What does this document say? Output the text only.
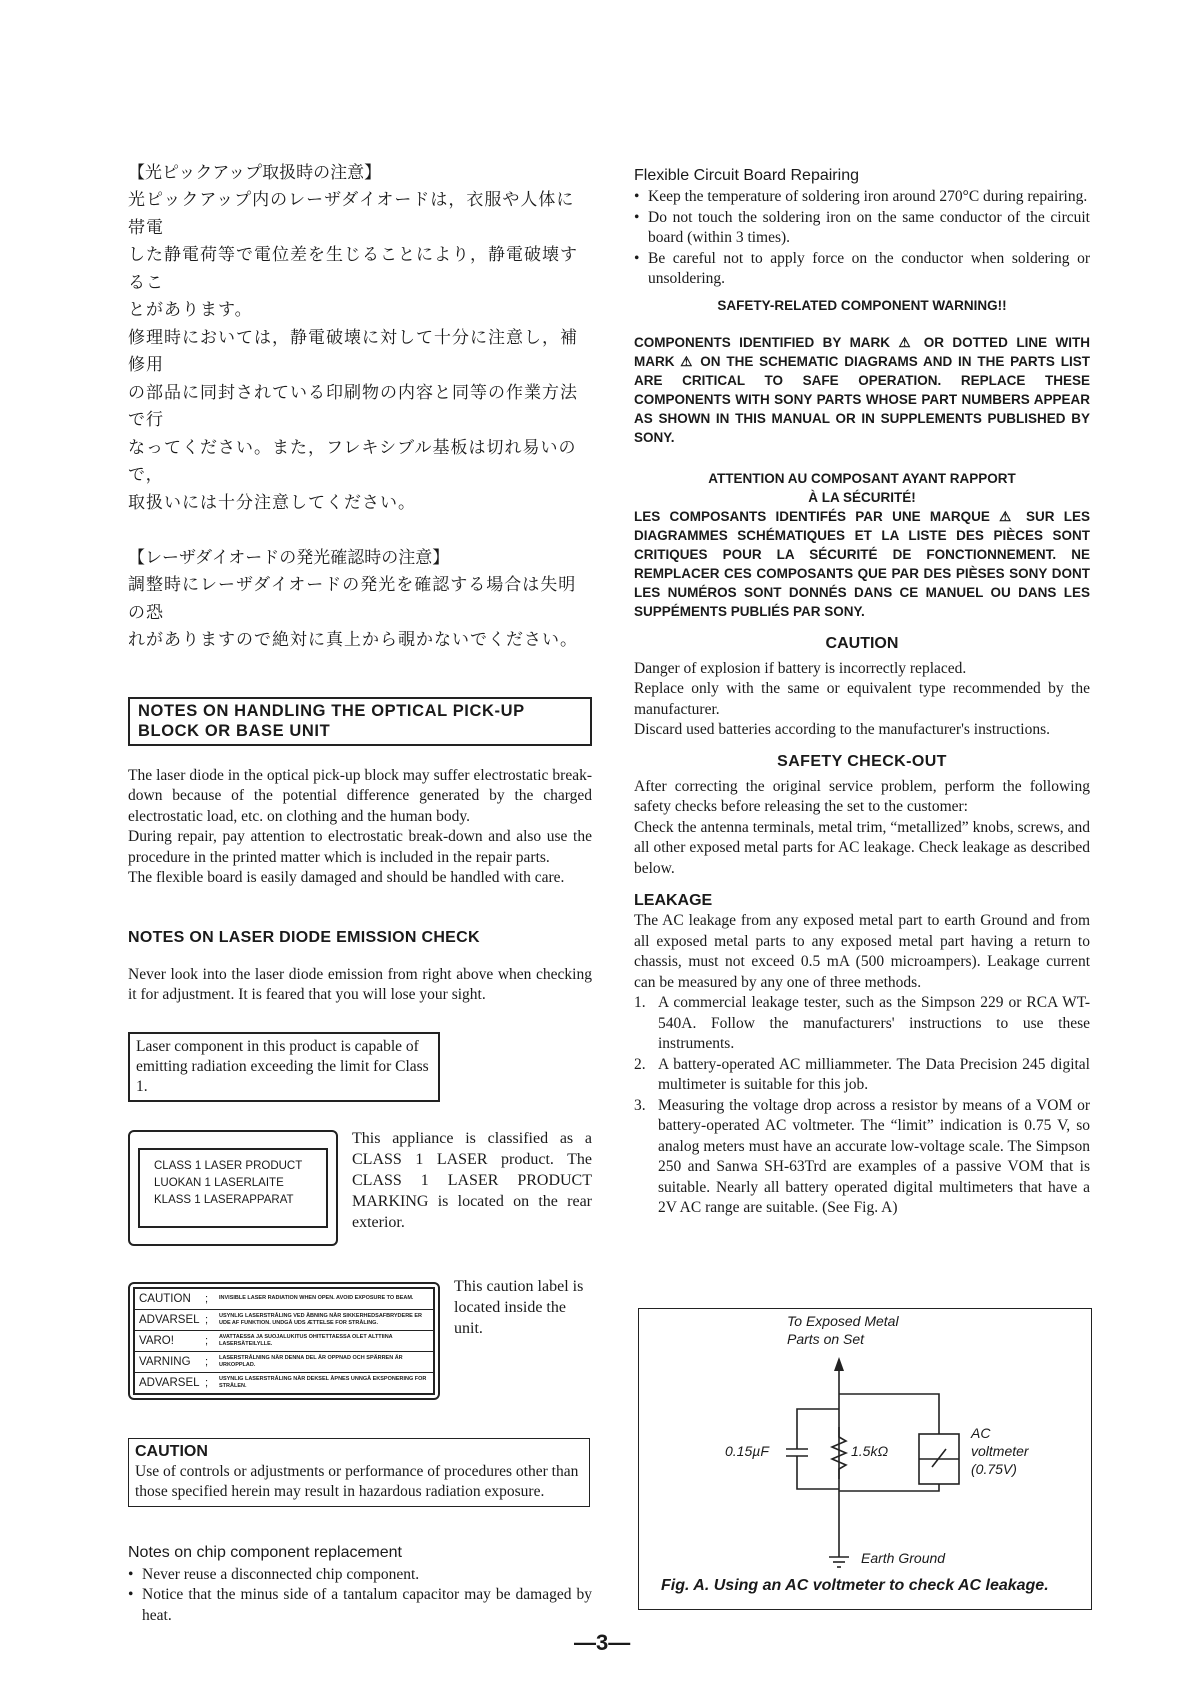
【光ピックアップ取扱時の注意】

光ピックアップ内のレーザダイオードは，衣服や人体に帯電

した静電荷等で電位差を生じることにより，静電破壊するこ

とがあります。

修理時においては，静電破壊に対して十分に注意し，補修用

の部品に同封されている印刷物の内容と同等の作業方法で行

なってください。また，フレキシブル基板は切れ易いので，

取扱いには十分注意してください。

【レーザダイオードの発光確認時の注意】

調整時にレーザダイオードの発光を確認する場合は失明の恐

れがありますので絶対に真上から覗かないでください。

NOTES ON HANDLING THE OPTICAL PICK-UP
BLOCK OR BASE UNIT

The laser diode in the optical pick-up block may suffer electrostatic break-down because of the potential difference generated by the charged electrostatic load, etc. on clothing and the human body.

During repair, pay attention to electrostatic break-down and also use the procedure in the printed matter which is included in the repair parts.

The flexible board is easily damaged and should be handled with care.

NOTES ON LASER DIODE EMISSION CHECK

Never look into the laser diode emission from right above when checking it for adjustment. It is feared that you will lose your sight.

Laser component in this product is capable of emitting radiation exceeding the limit for Class 1.

CLASS 1 LASER PRODUCT
LUOKAN 1 LASERLAITE
KLASS 1 LASERAPPARAT

This appliance is classified as a CLASS 1 LASER product. The CLASS 1 LASER PRODUCT MARKING is located on the rear exterior.

CAUTION	;	INVISIBLE LASER RADIATION WHEN OPEN. AVOID EXPOSURE TO BEAM.
ADVARSEL ;	USYNLIG LASERSTRÅLING VED ÅBNING NÅR SIKKERHEDSAFBRYDERE ER UDE AF FUNKTION. UNDGÅ UDS ÆTTELSE FOR STRÅLING.
VARO!	;	AVATTAESSA JA SUOJALUKITUS OHITETTAESSA OLET ALTTIINA LASERSÄTEILYLLE.
VARNING	;	LASERSTRÅLNING NÄR DENNA DEL ÄR OPPNAD OCH SPÄRREN ÄR URKOPPLAD.
ADVARSEL ;	USYNLIG LASERSTRÅLING NÅR DEKSEL ÅPNES UNNGÅ EKSPONERING FOR STRÅLEN.

This caution label is located inside the unit.

CAUTION

Use of controls or adjustments or performance of procedures other than those specified herein may result in hazardous radiation exposure.

Notes on chip component replacement
• Never reuse a disconnected chip component.
• Notice that the minus side of a tantalum capacitor may be damaged by heat.
Flexible Circuit Board Repairing
• Keep the temperature of soldering iron around 270°C during repairing.
• Do not touch the soldering iron on the same conductor of the circuit board (within 3 times).
• Be careful not to apply force on the conductor when soldering or unsoldering.
SAFETY-RELATED COMPONENT WARNING!!

COMPONENTS IDENTIFIED BY MARK ⚠ OR DOTTED LINE WITH MARK ⚠ ON THE SCHEMATIC DIAGRAMS AND IN THE PARTS LIST ARE CRITICAL TO SAFE OPERATION. REPLACE THESE COMPONENTS WITH SONY PARTS WHOSE PART NUMBERS APPEAR AS SHOWN IN THIS MANUAL OR IN SUPPLEMENTS PUBLISHED BY SONY.

ATTENTION AU COMPOSANT AYANT RAPPORT
À LA SÉCURITÉ!

LES COMPOSANTS IDENTIFÉS PAR UNE MARQUE ⚠ SUR LES DIAGRAMMES SCHÉMATIQUES ET LA LISTE DES PIÈCES SONT CRITIQUES POUR LA SÉCURITÉ DE FONCTIONNEMENT. NE REMPLACER CES COMPOSANTS QUE PAR DES PIÈSES SONY DONT LES NUMÉROS SONT DONNÉS DANS CE MANUEL OU DANS LES SUPPÉMENTS PUBLIÉS PAR SONY.

CAUTION

Danger of explosion if battery is incorrectly replaced.

Replace only with the same or equivalent type recommended by the manufacturer.

Discard used batteries according to the manufacturer's instructions.

SAFETY CHECK-OUT

After correcting the original service problem, perform the following safety checks before releasing the set to the customer:

Check the antenna terminals, metal trim, “metallized” knobs, screws, and all other exposed metal parts for AC leakage. Check leakage as described below.

LEAKAGE

The AC leakage from any exposed metal part to earth Ground and from all exposed metal parts to any exposed metal part having a return to chassis, must not exceed 0.5 mA (500 microampers). Leakage current can be measured by any one of three methods.

1. A commercial leakage tester, such as the Simpson 229 or RCA WT-540A. Follow the manufacturers' instructions to use these instruments.
2. A battery-operated AC milliammeter. The Data Precision 245 digital multimeter is suitable for this job.
3. Measuring the voltage drop across a resistor by means of a VOM or battery-operated AC voltmeter. The “limit” indication is 0.75 V, so analog meters must have an accurate low-voltage scale. The Simpson 250 and Sanwa SH-63Trd are examples of a passive VOM that is suitable. Nearly all battery operated digital multimeters that have a 2V AC range are suitable. (See Fig. A)
To Exposed Metal
Parts on Set
0.15µF	1.5kΩ
AC
voltmeter
(0.75V)
Earth Ground
Fig. A. Using an AC voltmeter to check AC leakage.
—3—
